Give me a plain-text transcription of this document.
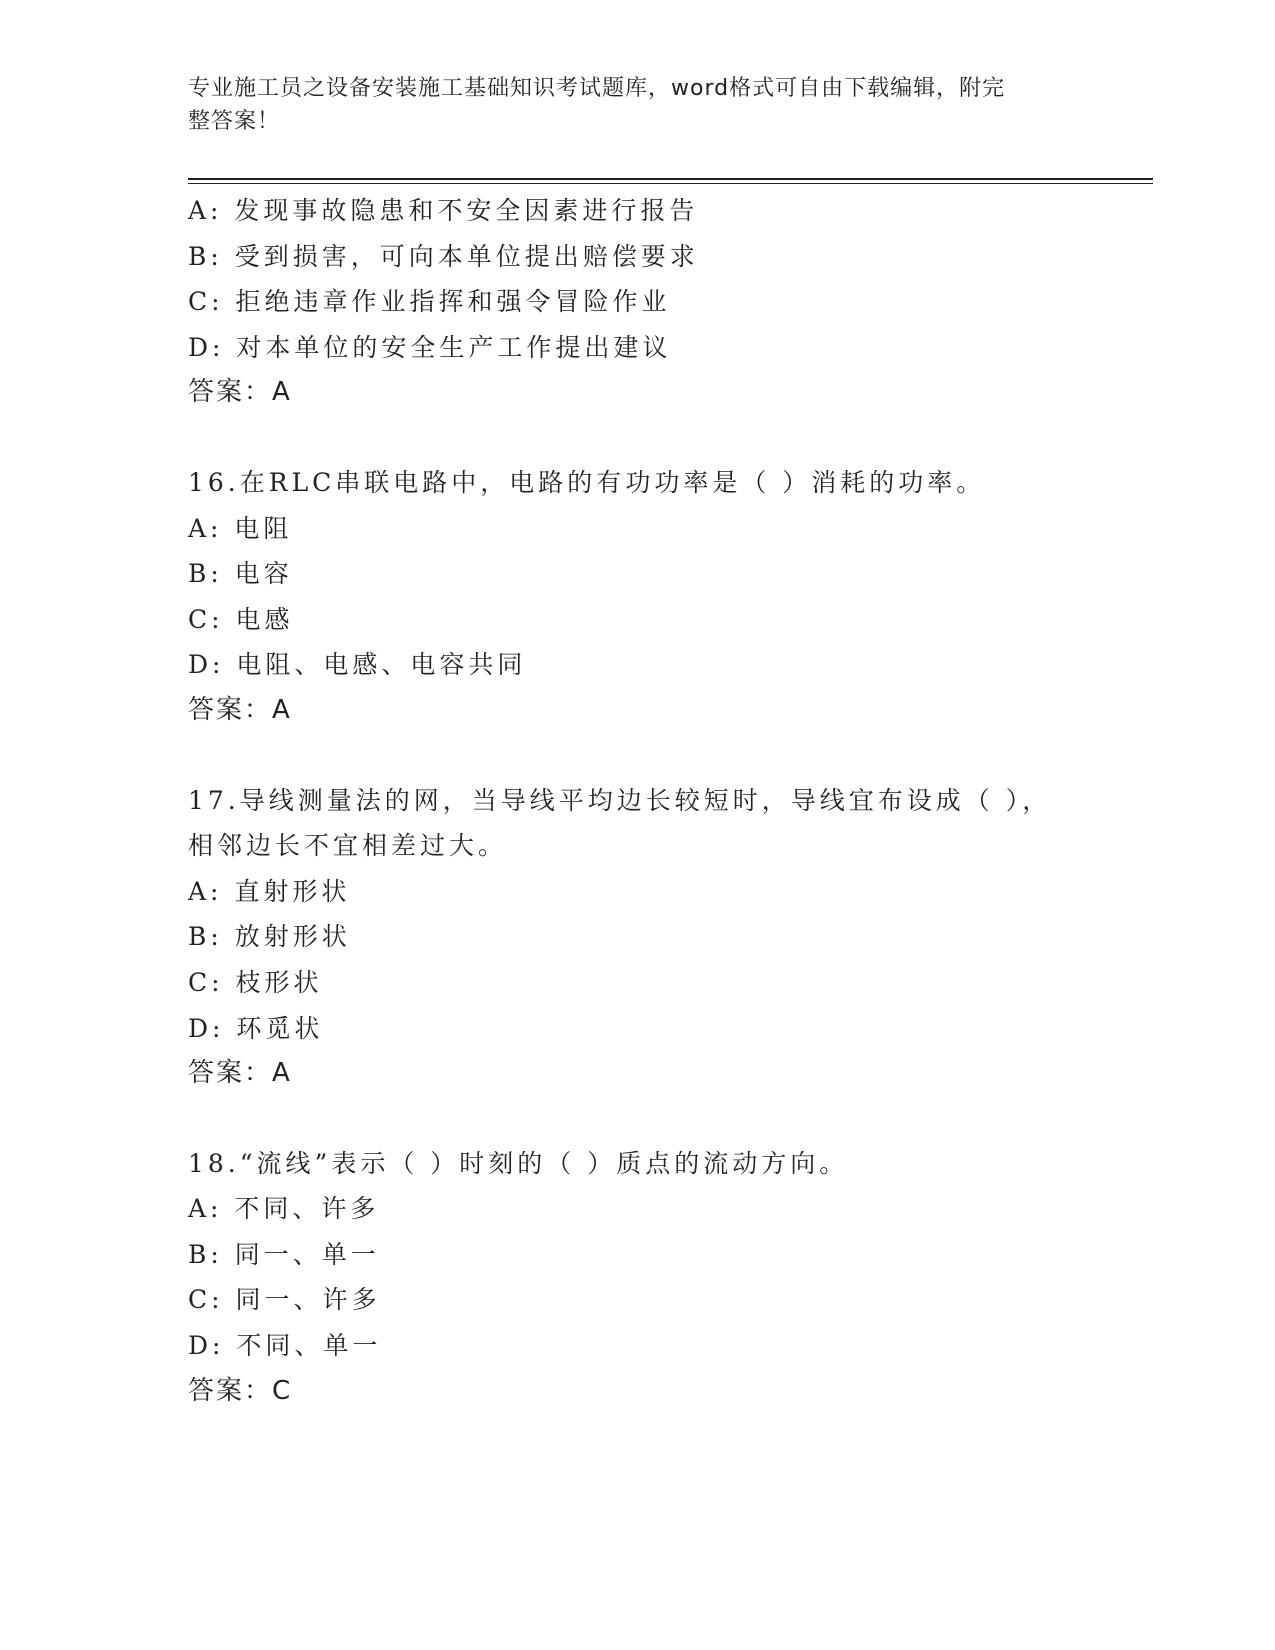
专业施工员之设备安装施工基础知识考试题库，word格式可自由下载编辑，附完
整答案！
A: 发现事故隐患和不安全因素进行报告
B: 受到损害，可向本单位提出赔偿要求
C: 拒绝违章作业指挥和强令冒险作业
D: 对本单位的安全生产工作提出建议
答案：A
16.在RLC串联电路中，电路的有功功率是（ ）消耗的功率。
A: 电阻
B: 电容
C: 电感
D: 电阻、电感、电容共同
答案：A
17.导线测量法的网，当导线平均边长较短时，导线宜布设成（ ），
相邻边长不宜相差过大。
A: 直射形状
B: 放射形状
C: 枝形状
D: 环觅状
答案：A
18.“流线”表示（ ）时刻的（ ）质点的流动方向。
A: 不同、许多
B: 同一、单一
C: 同一、许多
D: 不同、单一
答案：C
